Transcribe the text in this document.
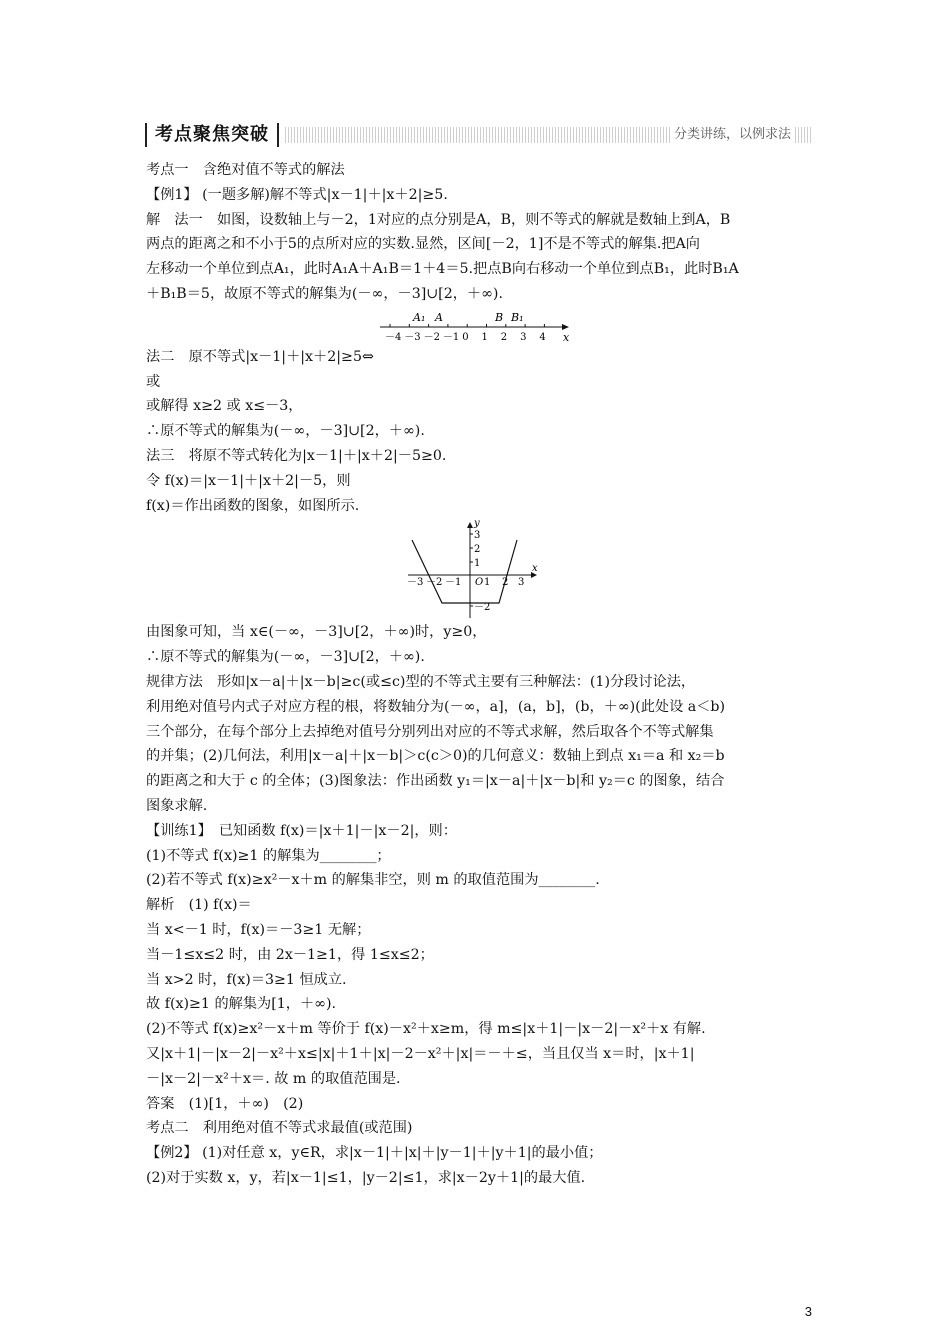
考点聚焦突破	分类讲练，以例求法

考点一　含绝对值不等式的解法

【例1】 (一题多解)解不等式|x－1|＋|x＋2|≥5.

解　法一　如图，设数轴上与－2，1对应的点分别是A，B，则不等式的解就是数轴上到A，B

两点的距离之和不小于5的点所对应的实数.显然，区间[－2，1]不是不等式的解集.把A向

左移动一个单位到点A₁，此时A₁A＋A₁B＝1＋4＝5.把点B向右移动一个单位到点B₁，此时B₁A

＋B₁B＝5，故原不等式的解集为(－∞，－3]∪[2，＋∞).

－4 －3 －2 －1 0 1 2 3 4 x
A₁ A	B B₁

法二　原不等式|x－1|＋|x＋2|≥5⇔

或

或解得 x≥2 或 x≤－3，

∴原不等式的解集为(－∞，－3]∪[2，＋∞).

法三　将原不等式转化为|x－1|＋|x＋2|－5≥0.

令 f(x)＝|x－1|＋|x＋2|－5，则

f(x)＝作出函数的图象，如图所示.

x
y
－3 －2 －1 1 2 3
3
2
1
－2
O

由图象可知，当 x∈(－∞，－3]∪[2，＋∞)时，y≥0，

∴原不等式的解集为(－∞，－3]∪[2，＋∞).

规律方法　形如|x－a|＋|x－b|≥c(或≤c)型的不等式主要有三种解法：(1)分段讨论法，

利用绝对值号内式子对应方程的根，将数轴分为(－∞，a]，(a，b]，(b，＋∞)(此处设 a＜b)

三个部分，在每个部分上去掉绝对值号分别列出对应的不等式求解，然后取各个不等式解集

的并集；(2)几何法，利用|x－a|＋|x－b|＞c(c＞0)的几何意义：数轴上到点 x₁＝a 和 x₂＝b

的距离之和大于 c 的全体；(3)图象法：作出函数 y₁＝|x－a|＋|x－b|和 y₂＝c 的图象，结合

图象求解.

【训练1】　已知函数 f(x)＝|x＋1|－|x－2|，则：

(1)不等式 f(x)≥1 的解集为________；

(2)若不等式 f(x)≥x²－x＋m 的解集非空，则 m 的取值范围为________.

解析　(1) f(x)＝

当 x<－1 时，f(x)＝－3≥1 无解；

当－1≤x≤2 时，由 2x－1≥1，得 1≤x≤2；

当 x>2 时，f(x)＝3≥1 恒成立.

故 f(x)≥1 的解集为[1，＋∞).

(2)不等式 f(x)≥x²－x＋m 等价于 f(x)－x²＋x≥m，得 m≤|x＋1|－|x－2|－x²＋x 有解.

又|x＋1|－|x－2|－x²＋x≤|x|＋1＋|x|－2－x²＋|x|＝－＋≤，当且仅当 x＝时，|x＋1|

－|x－2|－x²＋x＝. 故 m 的取值范围是.

答案　(1)[1，＋∞)　(2)

考点二　利用绝对值不等式求最值(或范围)

【例2】 (1)对任意 x，y∈R，求|x－1|＋|x|＋|y－1|＋|y＋1|的最小值；

(2)对于实数 x，y，若|x－1|≤1，|y－2|≤1，求|x－2y＋1|的最大值.

3
